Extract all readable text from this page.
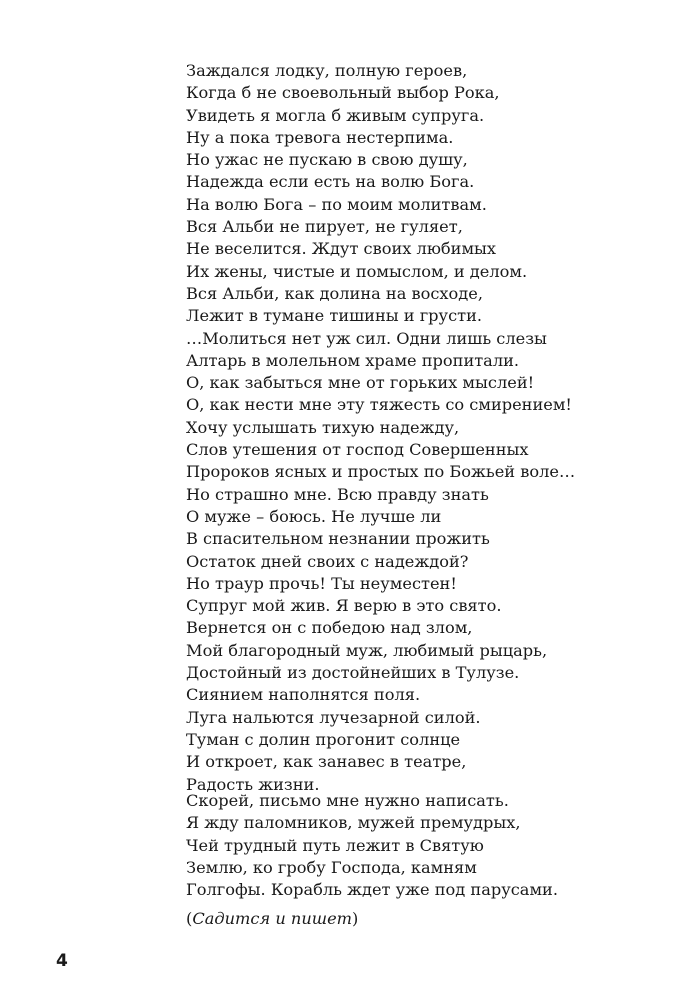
Заждался лодку, полную героев,
Когда б не своевольный выбор Рока,
Увидеть я могла б живым супруга.
Ну а пока тревога нестерпима.
Но ужас не пускаю в свою душу,
Надежда если есть на волю Бога.
На волю Бога – по моим молитвам.
Вся Альби не пирует, не гуляет,
Не веселится. Ждут своих любимых
Их жены, чистые и помыслом, и делом.
Вся Альби, как долина на восходе,
Лежит в тумане тишины и грусти.
…Молиться нет уж сил. Одни лишь слезы
Алтарь в молельном храме пропитали.
О, как забыться мне от горьких мыслей!
О, как нести мне эту тяжесть со смирением!
Хочу услышать тихую надежду,
Слов утешения от господ Совершенных
Пророков ясных и простых по Божьей воле…
Но страшно мне. Всю правду знать
О муже – боюсь. Не лучше ли
В спасительном незнании прожить
Остаток дней своих с надеждой?
Но траур прочь! Ты неуместен!
Супруг мой жив. Я верю в это свято.
Вернется он с победою над злом,
Мой благородный муж, любимый рыцарь,
Достойный из достойнейших в Тулузе.
Сиянием наполнятся поля.
Луга нальются лучезарной силой.
Туман с долин прогонит солнце
И откроет, как занавес в театре,
Радость жизни.
Скорей, письмо мне нужно написать.
Я жду паломников, мужей премудрых,
Чей трудный путь лежит в Святую
Землю, ко гробу Господа, камням
Голгофы. Корабль ждет уже под парусами.
(Садится и пишет)
4
